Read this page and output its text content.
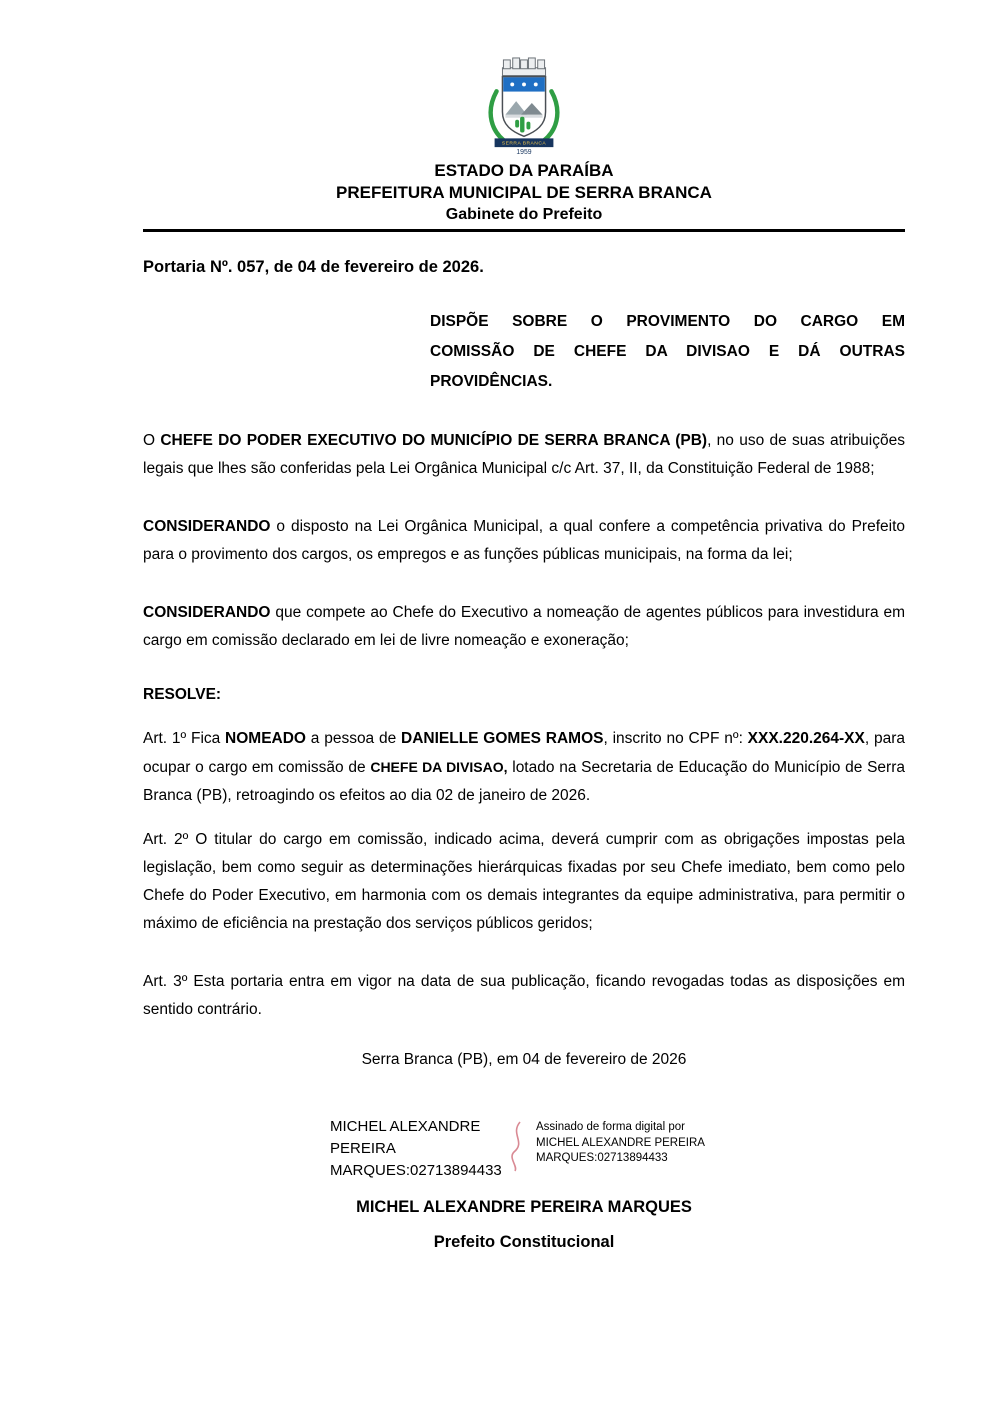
SERRA BRANCA
1959
ESTADO DA PARAÍBA
PREFEITURA MUNICIPAL DE SERRA BRANCA
Gabinete do Prefeito

Portaria Nº. 057, de 04 de fevereiro de 2026.

DISPÕE SOBRE O PROVIMENTO DO CARGO EM COMISSÃO DE CHEFE DA DIVISAO E DÁ OUTRAS PROVIDÊNCIAS.

O CHEFE DO PODER EXECUTIVO DO MUNICÍPIO DE SERRA BRANCA (PB), no uso de suas atribuições legais que lhes são conferidas pela Lei Orgânica Municipal c/c Art. 37, II, da Constituição Federal de 1988;

CONSIDERANDO o disposto na Lei Orgânica Municipal, a qual confere a competência privativa do Prefeito para o provimento dos cargos, os empregos e as funções públicas municipais, na forma da lei;

CONSIDERANDO que compete ao Chefe do Executivo a nomeação de agentes públicos para investidura em cargo em comissão declarado em lei de livre nomeação e exoneração;

RESOLVE:

Art. 1º Fica NOMEADO a pessoa de DANIELLE GOMES RAMOS, inscrito no CPF nº: XXX.220.264-XX, para ocupar o cargo em comissão de CHEFE DA DIVISAO, lotado na Secretaria de Educação do Município de Serra Branca (PB), retroagindo os efeitos ao dia 02 de janeiro de 2026.

Art. 2º O titular do cargo em comissão, indicado acima, deverá cumprir com as obrigações impostas pela legislação, bem como seguir as determinações hierárquicas fixadas por seu Chefe imediato, bem como pelo Chefe do Poder Executivo, em harmonia com os demais integrantes da equipe administrativa, para permitir o máximo de eficiência na prestação dos serviços públicos geridos;

Art. 3º Esta portaria entra em vigor na data de sua publicação, ficando revogadas todas as disposições em sentido contrário.

Serra Branca (PB), em 04 de fevereiro de 2026

MICHEL ALEXANDRE PEREIRA MARQUES:02713894433
Assinado de forma digital por MICHEL ALEXANDRE PEREIRA MARQUES:02713894433

MICHEL ALEXANDRE PEREIRA MARQUES

Prefeito Constitucional
